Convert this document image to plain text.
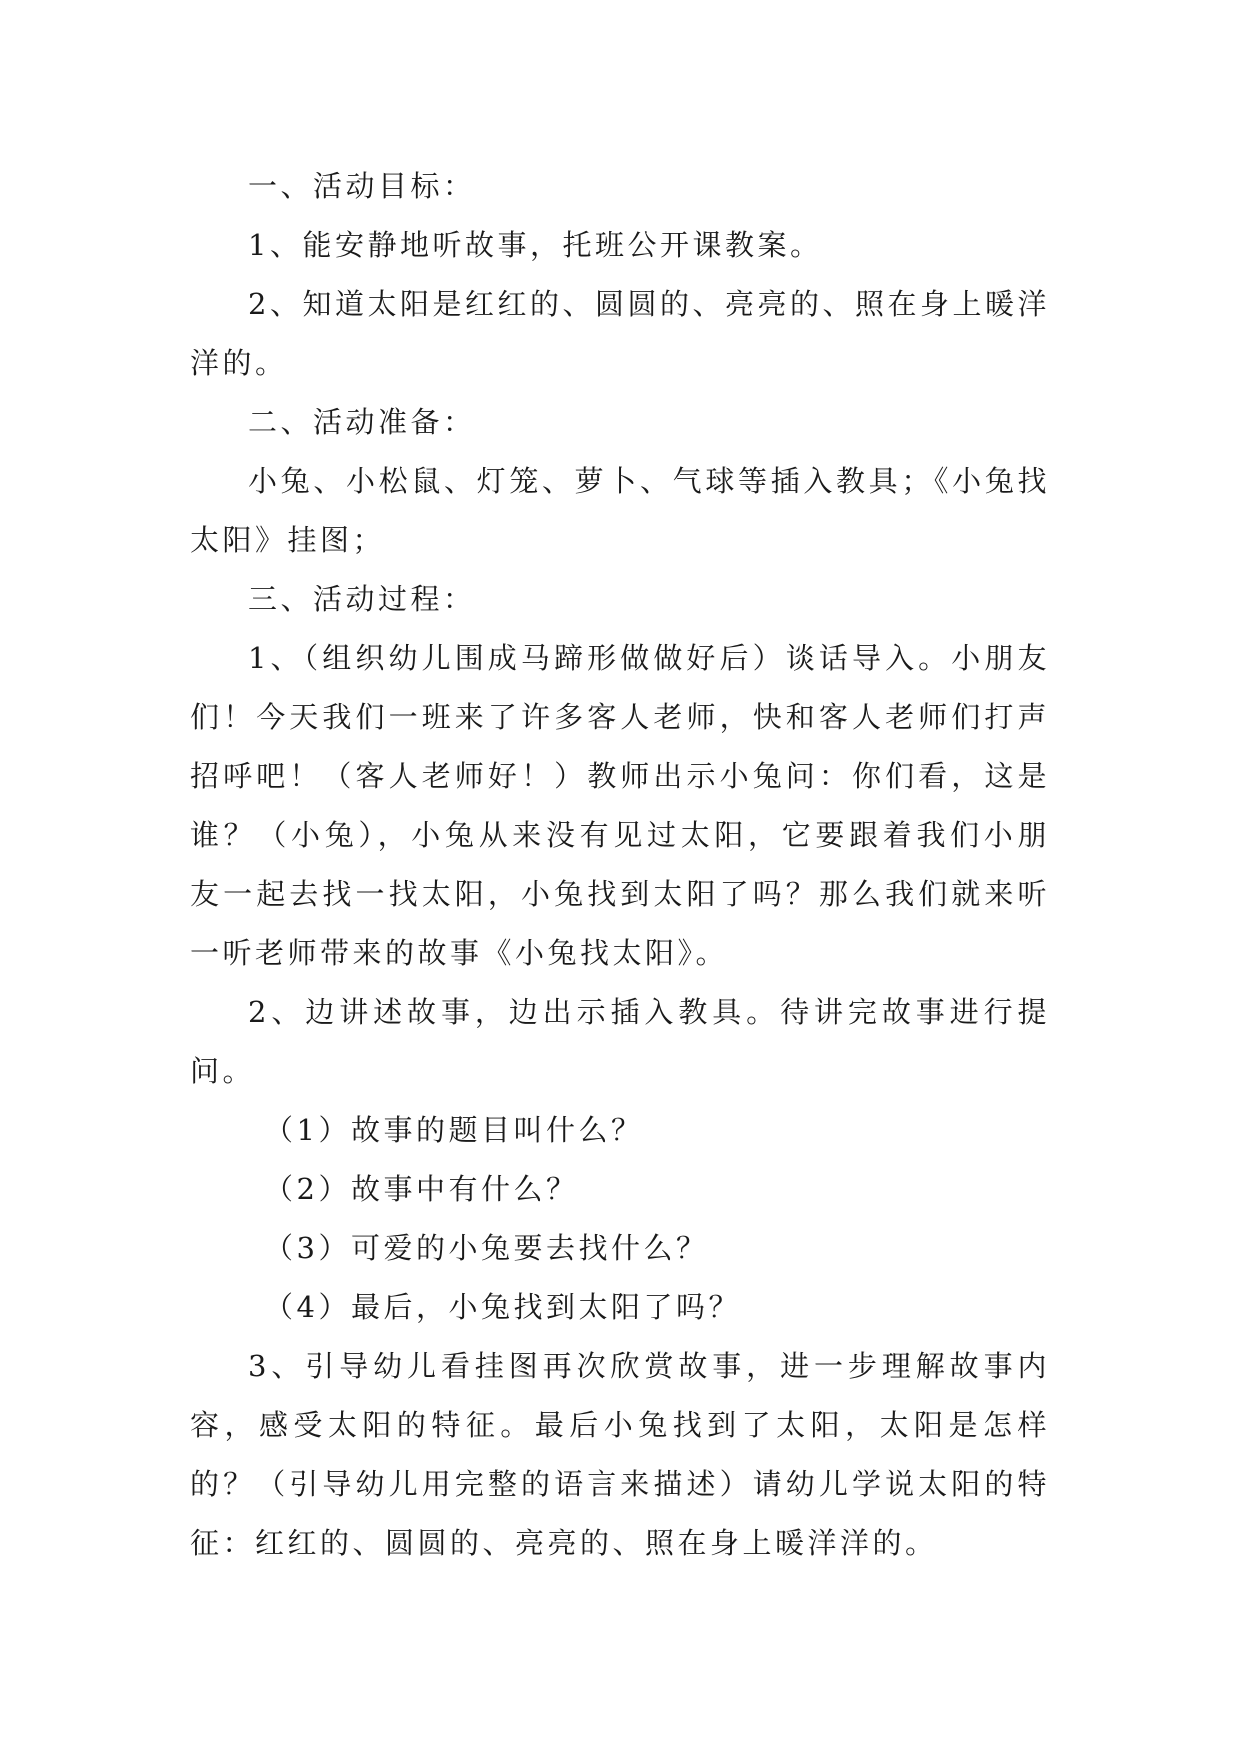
一、活动目标：

1、能安静地听故事，托班公开课教案。

2、知道太阳是红红的、圆圆的、亮亮的、照在身上暖洋洋的。

二、活动准备：

小兔、小松鼠、灯笼、萝卜、气球等插入教具；《小兔找太阳》挂图；

三、活动过程：

1、（组织幼儿围成马蹄形做做好后）谈话导入。小朋友们！今天我们一班来了许多客人老师，快和客人老师们打声招呼吧！（客人老师好！）教师出示小兔问：你们看，这是谁？（小兔），小兔从来没有见过太阳，它要跟着我们小朋友一起去找一找太阳，小兔找到太阳了吗？那么我们就来听一听老师带来的故事《小兔找太阳》。

2、边讲述故事，边出示插入教具。待讲完故事进行提问。

（1）故事的题目叫什么？

（2）故事中有什么？

（3）可爱的小兔要去找什么？

（4）最后，小兔找到太阳了吗？

3、引导幼儿看挂图再次欣赏故事，进一步理解故事内容，感受太阳的特征。最后小兔找到了太阳，太阳是怎样的？（引导幼儿用完整的语言来描述）请幼儿学说太阳的特征：红红的、圆圆的、亮亮的、照在身上暖洋洋的。
